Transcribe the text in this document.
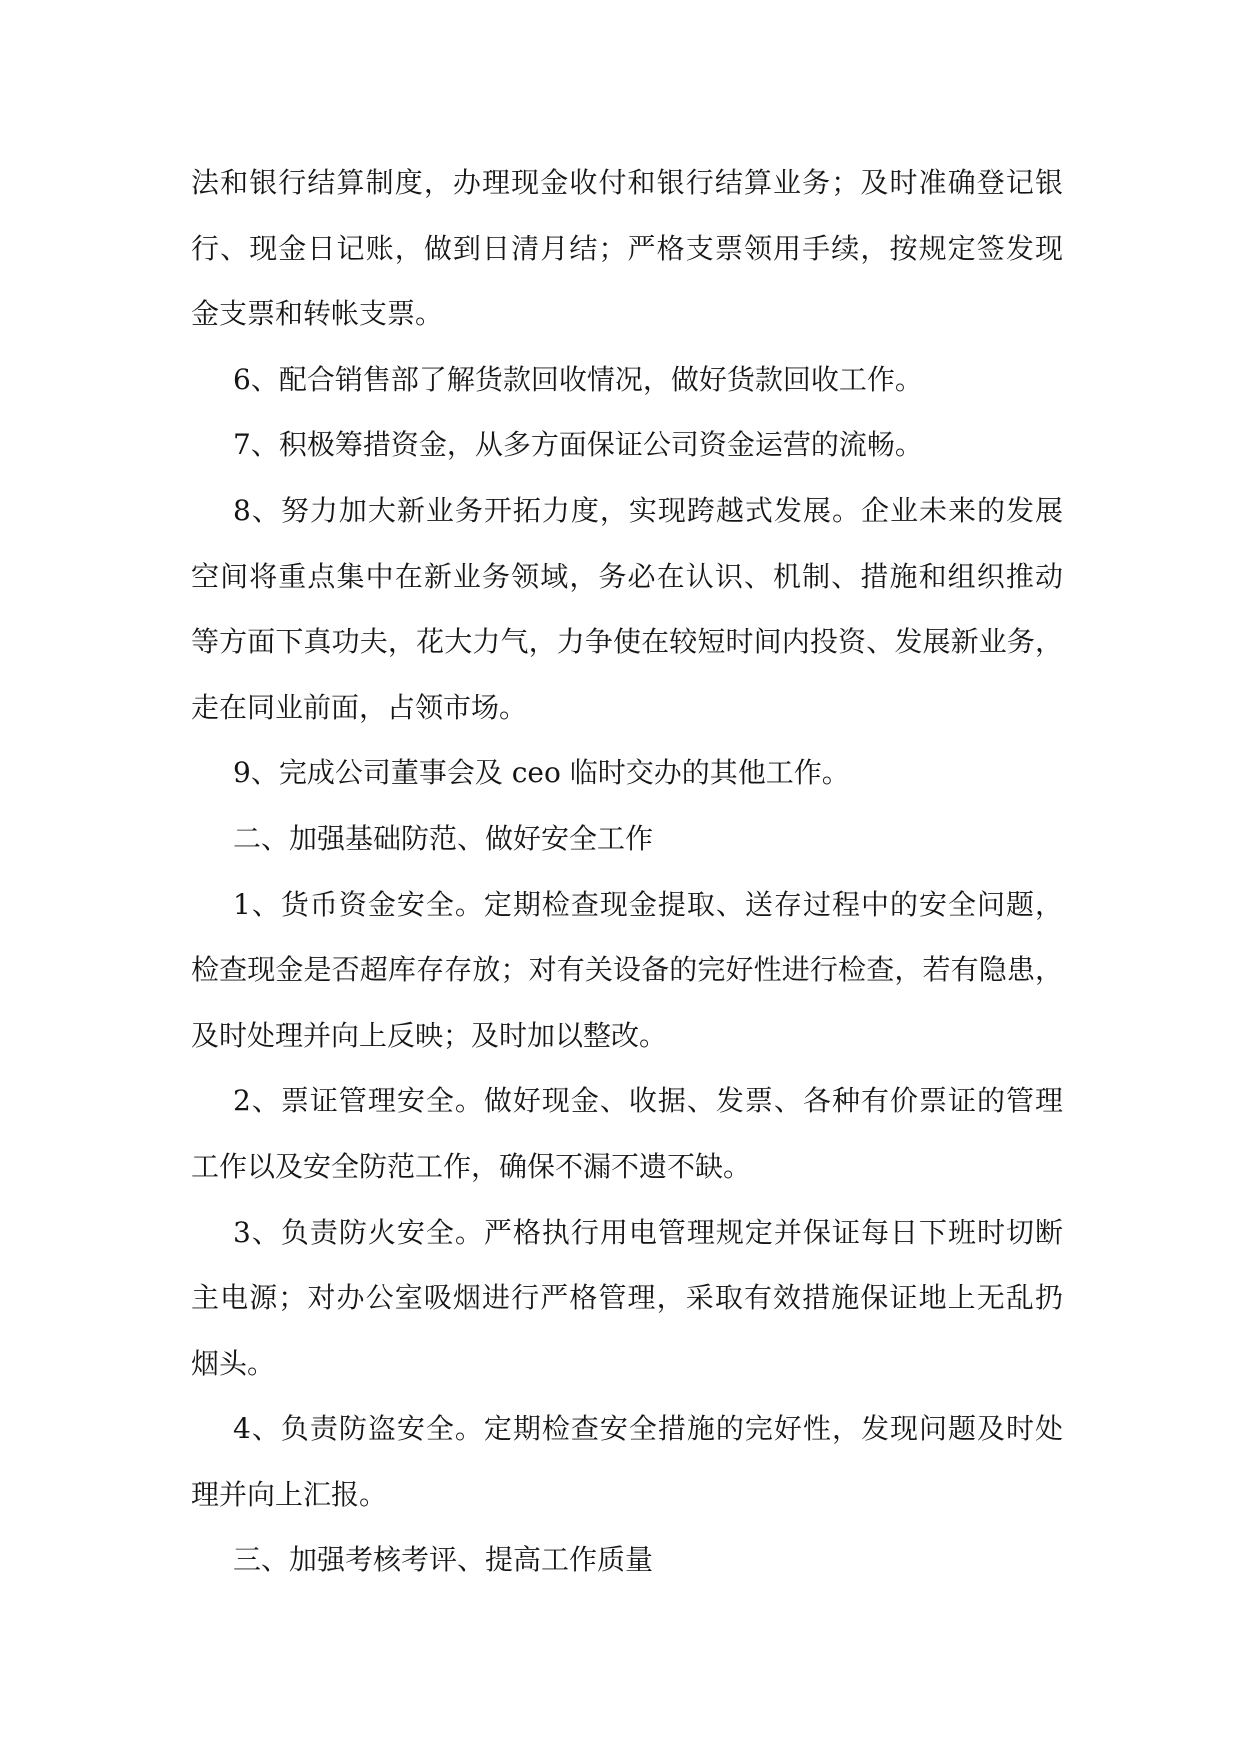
法和银行结算制度，办理现金收付和银行结算业务；及时准确登记银
行、现金日记账，做到日清月结；严格支票领用手续，按规定签发现
金支票和转帐支票。
6、配合销售部了解货款回收情况，做好货款回收工作。
7、积极筹措资金，从多方面保证公司资金运营的流畅。
8、努力加大新业务开拓力度，实现跨越式发展。企业未来的发展
空间将重点集中在新业务领域，务必在认识、机制、措施和组织推动
等方面下真功夫，花大力气，力争使在较短时间内投资、发展新业务，
走在同业前面，占领市场。
9、完成公司董事会及 ceo 临时交办的其他工作。
二、加强基础防范、做好安全工作
1、货币资金安全。定期检查现金提取、送存过程中的安全问题，
检查现金是否超库存存放；对有关设备的完好性进行检查，若有隐患，
及时处理并向上反映；及时加以整改。
2、票证管理安全。做好现金、收据、发票、各种有价票证的管理
工作以及安全防范工作，确保不漏不遗不缺。
3、负责防火安全。严格执行用电管理规定并保证每日下班时切断
主电源；对办公室吸烟进行严格管理，采取有效措施保证地上无乱扔
烟头。
4、负责防盗安全。定期检查安全措施的完好性，发现问题及时处
理并向上汇报。
三、加强考核考评、提高工作质量
